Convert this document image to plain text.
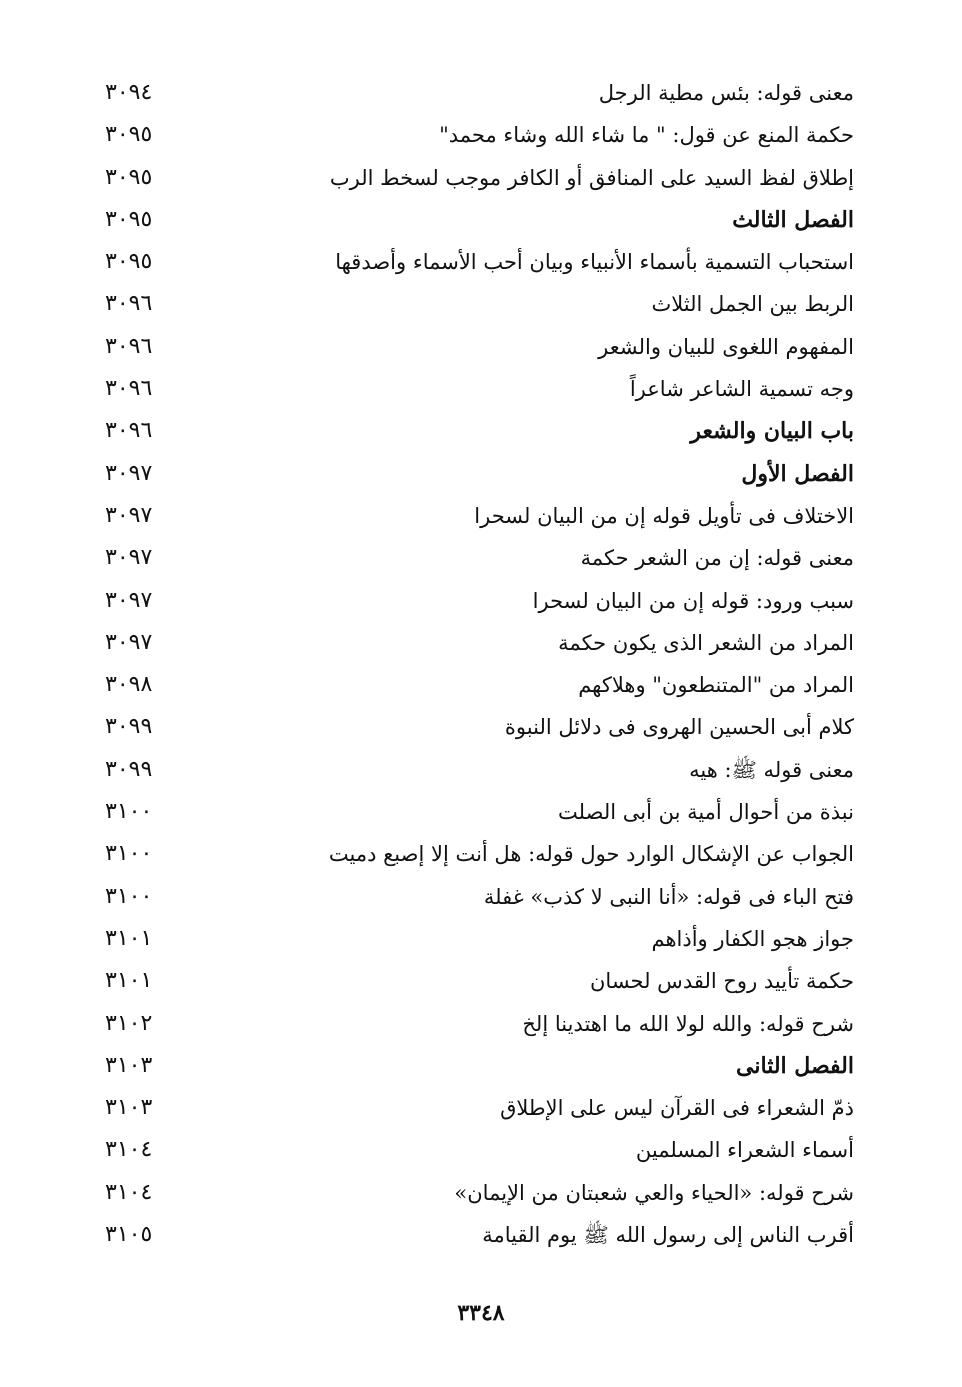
معنى قوله: بئس مطية الرجل
٣٠٩٤
حكمة المنع عن قول: " ما شاء الله وشاء محمد"
٣٠٩٥
إطلاق لفظ السيد على المنافق أو الكافر موجب لسخط الرب
٣٠٩٥
الفصل الثالث
٣٠٩٥
استحباب التسمية بأسماء الأنبياء وبيان أحب الأسماء وأصدقها
٣٠٩٥
الربط بين الجمل الثلاث
٣٠٩٦
المفهوم اللغوى للبيان والشعر
٣٠٩٦
وجه تسمية الشاعر شاعراً
٣٠٩٦
باب البيان والشعر
٣٠٩٦
الفصل الأول
٣٠٩٧
الاختلاف فى تأويل قوله إن من البيان لسحرا
٣٠٩٧
معنى قوله: إن من الشعر حكمة
٣٠٩٧
سبب ورود: قوله إن من البيان لسحرا
٣٠٩٧
المراد من الشعر الذى يكون حكمة
٣٠٩٧
المراد من "المتنطعون" وهلاكهم
٣٠٩٨
كلام أبى الحسين الهروى فى دلائل النبوة
٣٠٩٩
معنى قوله ﷺ: هيه
٣٠٩٩
نبذة من أحوال أمية بن أبى الصلت
٣١٠٠
الجواب عن الإشكال الوارد حول قوله: هل أنت إلا إصبع دميت
٣١٠٠
فتح الباء فى قوله: «أنا النبى لا كذب» غفلة
٣١٠٠
جواز هجو الكفار وأذاهم
٣١٠١
حكمة تأييد روح القدس لحسان
٣١٠١
شرح قوله: والله لولا الله ما اهتدينا إلخ
٣١٠٢
الفصل الثانى
٣١٠٣
ذمّ الشعراء فى القرآن ليس على الإطلاق
٣١٠٣
أسماء الشعراء المسلمين
٣١٠٤
شرح قوله: «الحياء والعي شعبتان من الإيمان»
٣١٠٤
أقرب الناس إلى رسول الله ﷺ يوم القيامة
٣١٠٥
٣٣٤٨
